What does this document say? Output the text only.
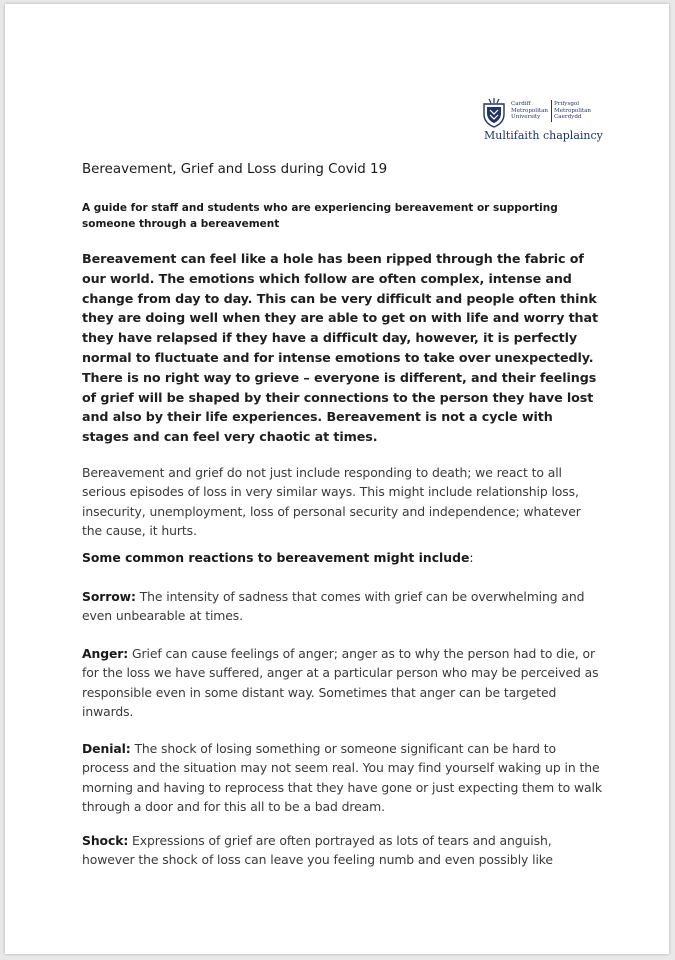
Cardiff
Metropolitan
University
Prifysgol
Metropolitan
Caerdydd
Multifaith chaplaincy
Bereavement, Grief and Loss during Covid 19
A guide for staff and students who are experiencing bereavement or supporting someone through a bereavement
Bereavement can feel like a hole has been ripped through the fabric of our world. The emotions which follow are often complex, intense and change from day to day. This can be very difficult and people often think they are doing well when they are able to get on with life and worry that they have relapsed if they have a difficult day, however, it is perfectly normal to fluctuate and for intense emotions to take over unexpectedly. There is no right way to grieve – everyone is different, and their feelings of grief will be shaped by their connections to the person they have lost and also by their life experiences. Bereavement is not a cycle with stages and can feel very chaotic at times.
Bereavement and grief do not just include responding to death; we react to all serious episodes of loss in very similar ways. This might include relationship loss, insecurity, unemployment, loss of personal security and independence; whatever the cause, it hurts.
Some common reactions to bereavement might include:
Sorrow: The intensity of sadness that comes with grief can be overwhelming and even unbearable at times.
Anger: Grief can cause feelings of anger; anger as to why the person had to die, or for the loss we have suffered, anger at a particular person who may be perceived as responsible even in some distant way. Sometimes that anger can be targeted inwards.
Denial: The shock of losing something or someone significant can be hard to process and the situation may not seem real. You may find yourself waking up in the morning and having to reprocess that they have gone or just expecting them to walk through a door and for this all to be a bad dream.
Shock: Expressions of grief are often portrayed as lots of tears and anguish, however the shock of loss can leave you feeling numb and even possibly like
